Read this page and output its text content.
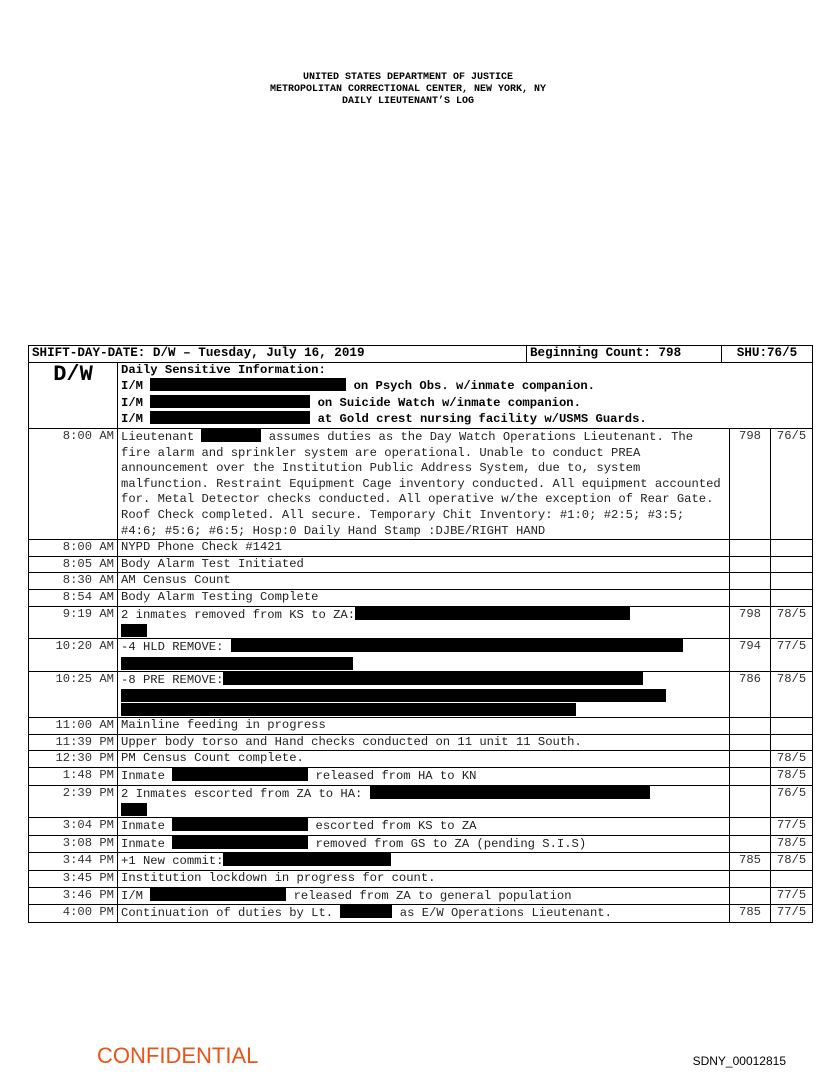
UNITED STATES DEPARTMENT OF JUSTICE
METROPOLITAN CORRECTIONAL CENTER, NEW YORK, NY
DAILY LIEUTENANT’S LOG
SHIFT-DAY-DATE: D/W – Tuesday, July 16, 2019		Beginning Count: 798	SHU:76/5		
D/W	Daily Sensitive Information:
I/M on Psych Obs. w/inmate companion.
I/M on Suicide Watch w/inmate companion.
I/M at Gold crest nursing facility w/USMS Guards.				

8:00 AM	Lieutenant assumes duties as the Day Watch Operations Lieutenant. The fire alarm and sprinkler system are operational. Unable to conduct PREA announcement over the Institution Public Address System, due to, system malfunction. Restraint Equipment Cage inventory conducted. All equipment accounted for. Metal Detector checks conducted. All operative w/the exception of Rear Gate. Roof Check completed. All secure. Temporary Chit Inventory: #1:0; #2:5; #3:5; #4:6; #5:6; #6:5; Hosp:0 Daily Hand Stamp :DJBE/RIGHT HAND			798	76/5
8:00 AM	NYPD Phone Check #1421				
8:05 AM	Body Alarm Test Initiated				
8:30 AM	AM Census Count				
8:54 AM	Body Alarm Testing Complete				
9:19 AM	2 inmates removed from KS to ZA:			798	78/5
10:20 AM	-4 HLD REMOVE:			794	77/5
10:25 AM	-8 PRE REMOVE:			786	78/5
11:00 AM	Mainline feeding in progress				
11:39 PM	Upper body torso and Hand checks conducted on 11 unit 11 South.				
12:30 PM	PM Census Count complete.				78/5
1:48 PM	Inmate released from HA to KN				78/5
2:39 PM	2 Inmates escorted from ZA to HA:				76/5
3:04 PM	Inmate escorted from KS to ZA				77/5
3:08 PM	Inmate removed from GS to ZA (pending S.I.S)				78/5
3:44 PM	+1 New commit:			785	78/5
3:45 PM	Institution lockdown in progress for count.				
3:46 PM	I/M released from ZA to general population				77/5
4:00 PM	Continuation of duties by Lt. as E/W Operations Lieutenant.			785	77/5
CONFIDENTIAL	SDNY_00012815
